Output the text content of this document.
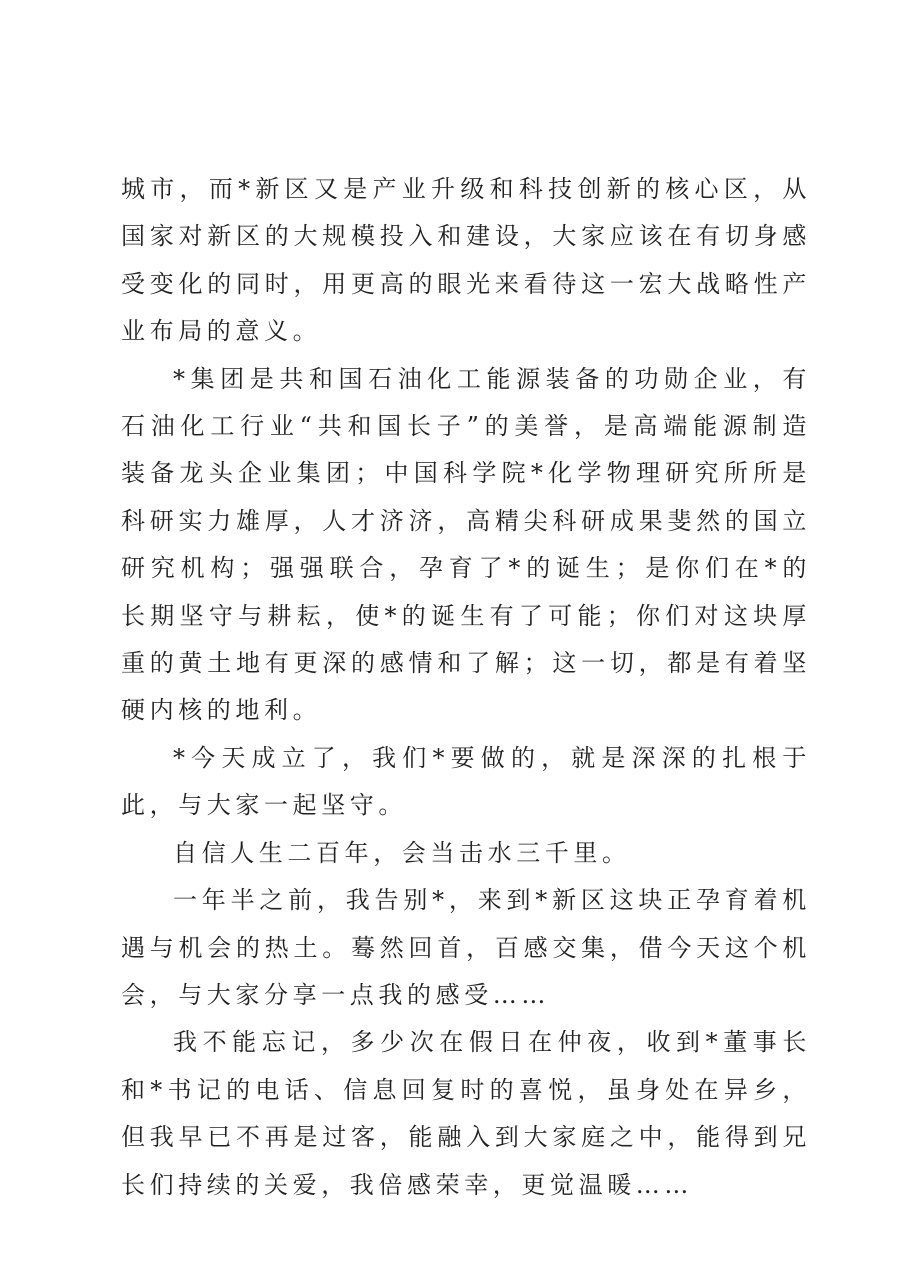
城市，而*新区又是产业升级和科技创新的核心区，从国家对新区的大规模投入和建设，大家应该在有切身感受变化的同时，用更高的眼光来看待这一宏大战略性产业布局的意义。

*集团是共和国石油化工能源装备的功勋企业，有石油化工行业“共和国长子”的美誉，是高端能源制造装备龙头企业集团；中国科学院*化学物理研究所所是科研实力雄厚，人才济济，高精尖科研成果斐然的国立研究机构；强强联合，孕育了*的诞生；是你们在*的长期坚守与耕耘，使*的诞生有了可能；你们对这块厚重的黄土地有更深的感情和了解；这一切，都是有着坚硬内核的地利。

*今天成立了，我们*要做的，就是深深的扎根于此，与大家一起坚守。

自信人生二百年，会当击水三千里。

一年半之前，我告别*，来到*新区这块正孕育着机遇与机会的热土。蓦然回首，百感交集，借今天这个机会，与大家分享一点我的感受……

我不能忘记，多少次在假日在仲夜，收到*董事长和*书记的电话、信息回复时的喜悦，虽身处在异乡，但我早已不再是过客，能融入到大家庭之中，能得到兄长们持续的关爱，我倍感荣幸，更觉温暖……
